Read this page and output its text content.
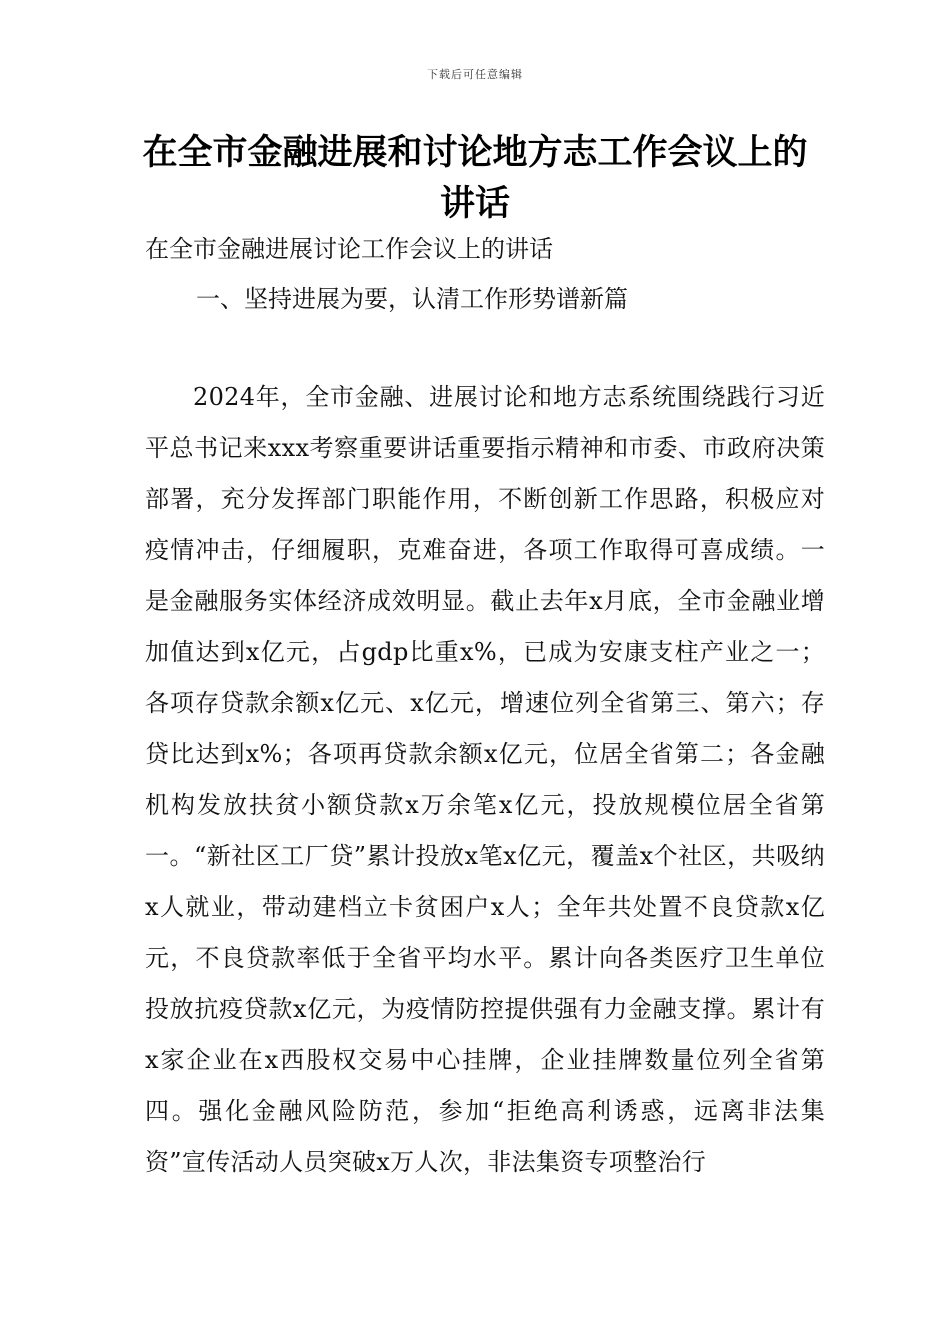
下载后可任意编辑
在全市金融进展和讨论地方志工作会议上的讲话

在全市金融进展讨论工作会议上的讲话

一、坚持进展为要，认清工作形势谱新篇

2024年，全市金融、进展讨论和地方志系统围绕践行习近平总书记来xxx考察重要讲话重要指示精神和市委、市政府决策部署，充分发挥部门职能作用，不断创新工作思路，积极应对疫情冲击，仔细履职，克难奋进，各项工作取得可喜成绩。一是金融服务实体经济成效明显。截止去年x月底，全市金融业增加值达到x亿元，占gdp比重x%，已成为安康支柱产业之一；各项存贷款余额x亿元、x亿元，增速位列全省第三、第六；存贷比达到x%；各项再贷款余额x亿元，位居全省第二；各金融机构发放扶贫小额贷款x万余笔x亿元，投放规模位居全省第一。“新社区工厂贷”累计投放x笔x亿元，覆盖x个社区，共吸纳x人就业，带动建档立卡贫困户x人；全年共处置不良贷款x亿元，不良贷款率低于全省平均水平。累计向各类医疗卫生单位投放抗疫贷款x亿元，为疫情防控提供强有力金融支撑。累计有x家企业在x西股权交易中心挂牌，企业挂牌数量位列全省第四。强化金融风险防范，参加“拒绝高利诱惑，远离非法集资”宣传活动人员突破x万人次，非法集资专项整治行
